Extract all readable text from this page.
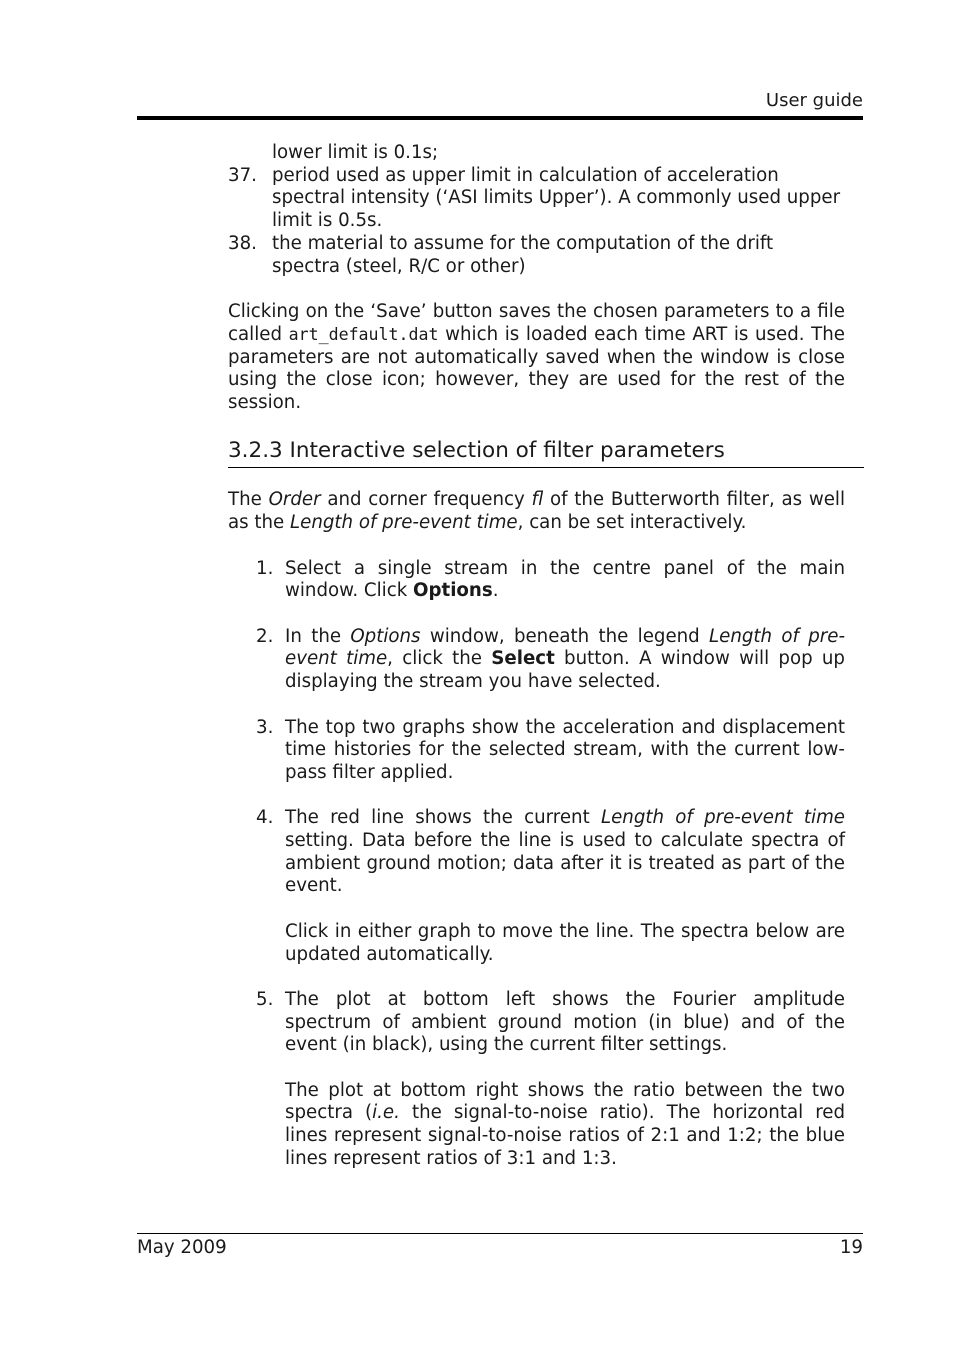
User guide

lower limit is 0.1s;

37. period used as upper limit in calculation of acceleration spectral intensity (‘ASI limits Upper’). A commonly used upper limit is 0.5s.
38. the material to assume for the computation of the drift spectra (steel, R/C or other)

Clicking on the ‘Save’ button saves the chosen parameters to a file called art_default.dat which is loaded each time ART is used. The parameters are not automatically saved when the window is close using the close icon; however, they are used for the rest of the session.

3.2.3 Interactive selection of filter parameters

The Order and corner frequency fl of the Butterworth filter, as well as the Length of pre-event time, can be set interactively.

1. Select a single stream in the centre panel of the main window. Click Options.

2. In the Options window, beneath the legend Length of pre-event time, click the Select button. A window will pop up displaying the stream you have selected.

3. The top two graphs show the acceleration and displacement time histories for the selected stream, with the current low-pass filter applied.

4. The red line shows the current Length of pre-event time setting. Data before the line is used to calculate spectra of ambient ground motion; data after it is treated as part of the event.

Click in either graph to move the line. The spectra below are updated automatically.

5. The plot at bottom left shows the Fourier amplitude spectrum of ambient ground motion (in blue) and of the event (in black), using the current filter settings.

The plot at bottom right shows the ratio between the two spectra (i.e. the signal-to-noise ratio). The horizontal red lines represent signal-to-noise ratios of 2:1 and 1:2; the blue lines represent ratios of 3:1 and 1:3.

May 2009	19
